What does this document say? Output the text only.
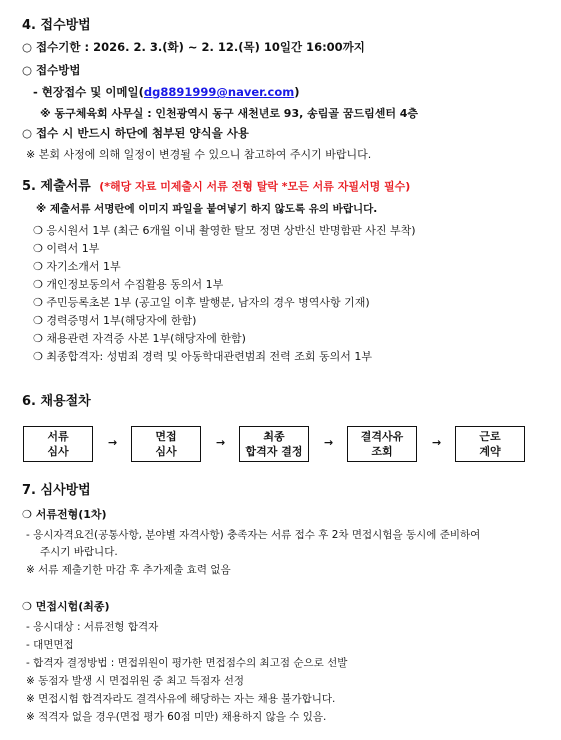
4. 접수방법
○ 접수기한 : 2026. 2. 3.(화) ~ 2. 12.(목) 10일간 16:00까지
○ 접수방법
- 현장접수 및 이메일(dg8891999@naver.com)
※ 동구체육회 사무실 : 인천광역시 동구 새천년로 93, 송림골 꿈드림센터 4층
○ 접수 시 반드시 하단에 첨부된 양식을 사용
※ 본회 사정에 의해 일정이 변경될 수 있으니 참고하여 주시기 바랍니다.
5. 제출서류 (*해당 자료 미제출시 서류 전형 탈락 *모든 서류 자필서명 필수)
※ 제출서류 서명란에 이미지 파일을 붙여넣기 하지 않도록 유의 바랍니다.
❍ 응시원서 1부 (최근 6개월 이내 촬영한 탈모 정면 상반신 반명함판 사진 부착)
❍ 이력서 1부
❍ 자기소개서 1부
❍ 개인정보동의서 수집활용 동의서 1부
❍ 주민등록초본 1부 (공고일 이후 발행분, 남자의 경우 병역사항 기재)
❍ 경력증명서 1부(해당자에 한함)
❍ 채용관련 자격증 사본 1부(해당자에 한함)
❍ 최종합격자: 성범죄 경력 및 아동학대관련범죄 전력 조회 동의서 1부
6. 채용절차
서류
심사
→	면접
심사
→	최종
합격자 결정
→	결격사유
조회
→	근로
계약
7. 심사방법
❍ 서류전형(1차)
- 응시자격요건(공통사항, 분야별 자격사항) 충족자는 서류 접수 후 2차 면접시험을 동시에 준비하여
주시기 바랍니다.
※ 서류 제출기한 마감 후 추가제출 효력 없음
❍ 면접시험(최종)
- 응시대상 : 서류전형 합격자
- 대면면접
- 합격자 결정방법 : 면접위원이 평가한 면접점수의 최고점 순으로 선발
※ 동점자 발생 시 면접위원 중 최고 득점자 선정
※ 면접시험 합격자라도 결격사유에 해당하는 자는 채용 불가합니다.
※ 적격자 없을 경우(면접 평가 60점 미만) 채용하지 않을 수 있음.
